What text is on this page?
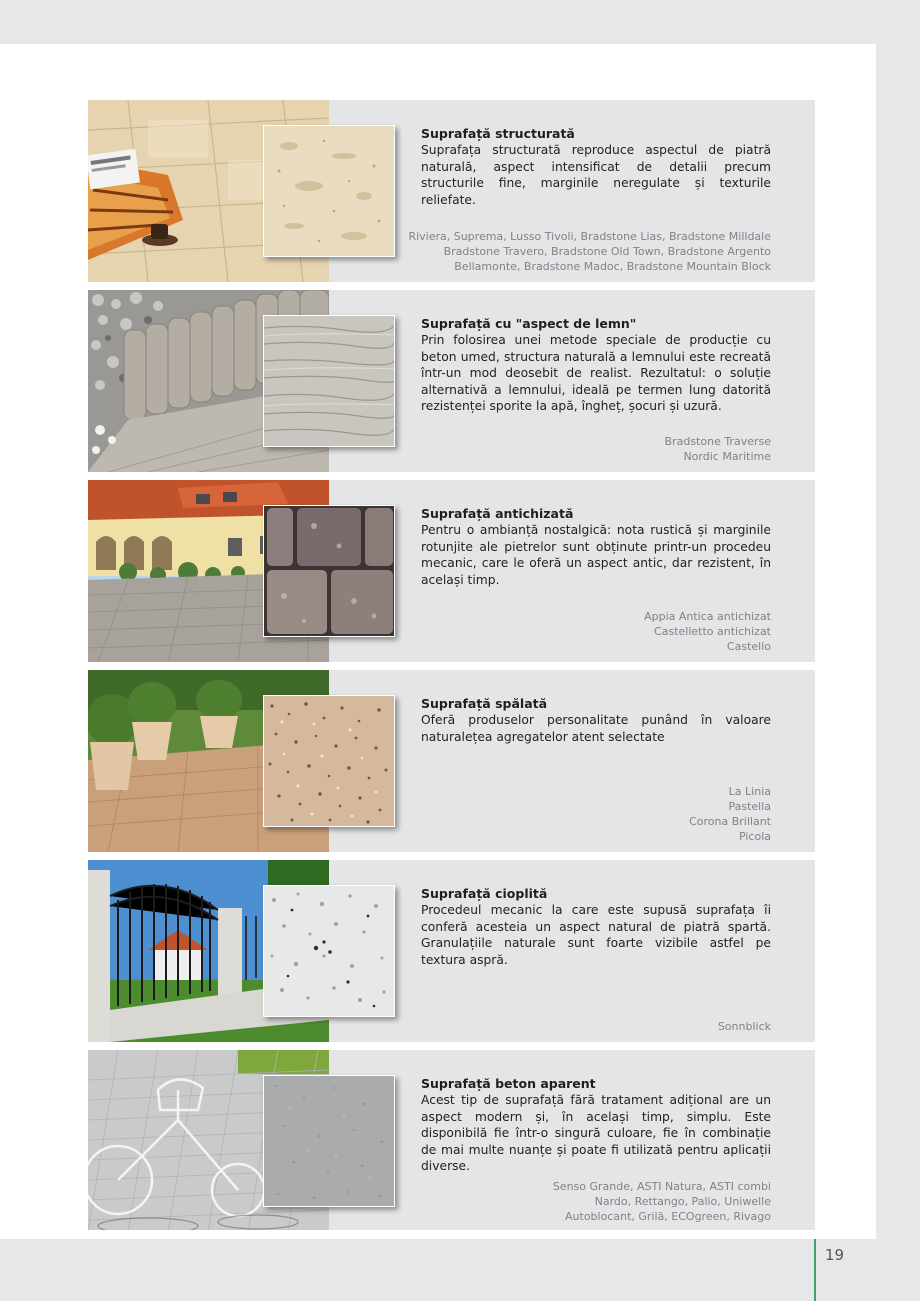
Suprafață structurată

Suprafața structurată reproduce aspectul de piatră naturală, aspect intensificat de detalii precum structurile fine, marginile neregulate și texturile reliefate.

Riviera, Suprema, Lusso Tivoli, Bradstone Lias, Bradstone Milldale
Bradstone Travero, Bradstone Old Town, Bradstone Argento
Bellamonte, Bradstone Madoc, Bradstone Mountain Block
Suprafață cu "aspect de lemn"

Prin folosirea unei metode speciale de producție cu beton umed, structura naturală a lemnului este recreată într-un mod deosebit de realist. Rezultatul: o soluție alternativă a lemnului, ideală pe termen lung datorită rezistenței sporite la apă, îngheț, șocuri și uzură.

Bradstone Traverse
Nordic Maritime
Suprafață antichizată

Pentru o ambianță nostalgică: nota rustică și marginile rotunjite ale pietrelor sunt obținute printr-un procedeu mecanic, care le oferă un aspect antic, dar rezistent, în același timp.

Appia Antica antichizat
Castelletto antichizat
Castello
Suprafață spălată

Oferă produselor personalitate punând în valoare naturalețea agregatelor atent selectate

La Linia
Pastella
Corona Brillant
Picola
Suprafață cioplită

Procedeul mecanic la care este supusă suprafața îi conferă acesteia un aspect natural de piatră spartă. Granulațiile naturale sunt foarte vizibile astfel pe textura aspră.

Sonnblick
Suprafață beton aparent

Acest tip de suprafață fără tratament adițional are un aspect modern și, în același timp, simplu. Este disponibilă fie într-o singură culoare, fie în combinație de mai multe nuanțe și poate fi utilizată pentru aplicații diverse.

Senso Grande, ASTI Natura, ASTI combi
Nardo, Rettango, Palio, Uniwelle
Autoblocant, Grilă, ECOgreen, Rivago
19
